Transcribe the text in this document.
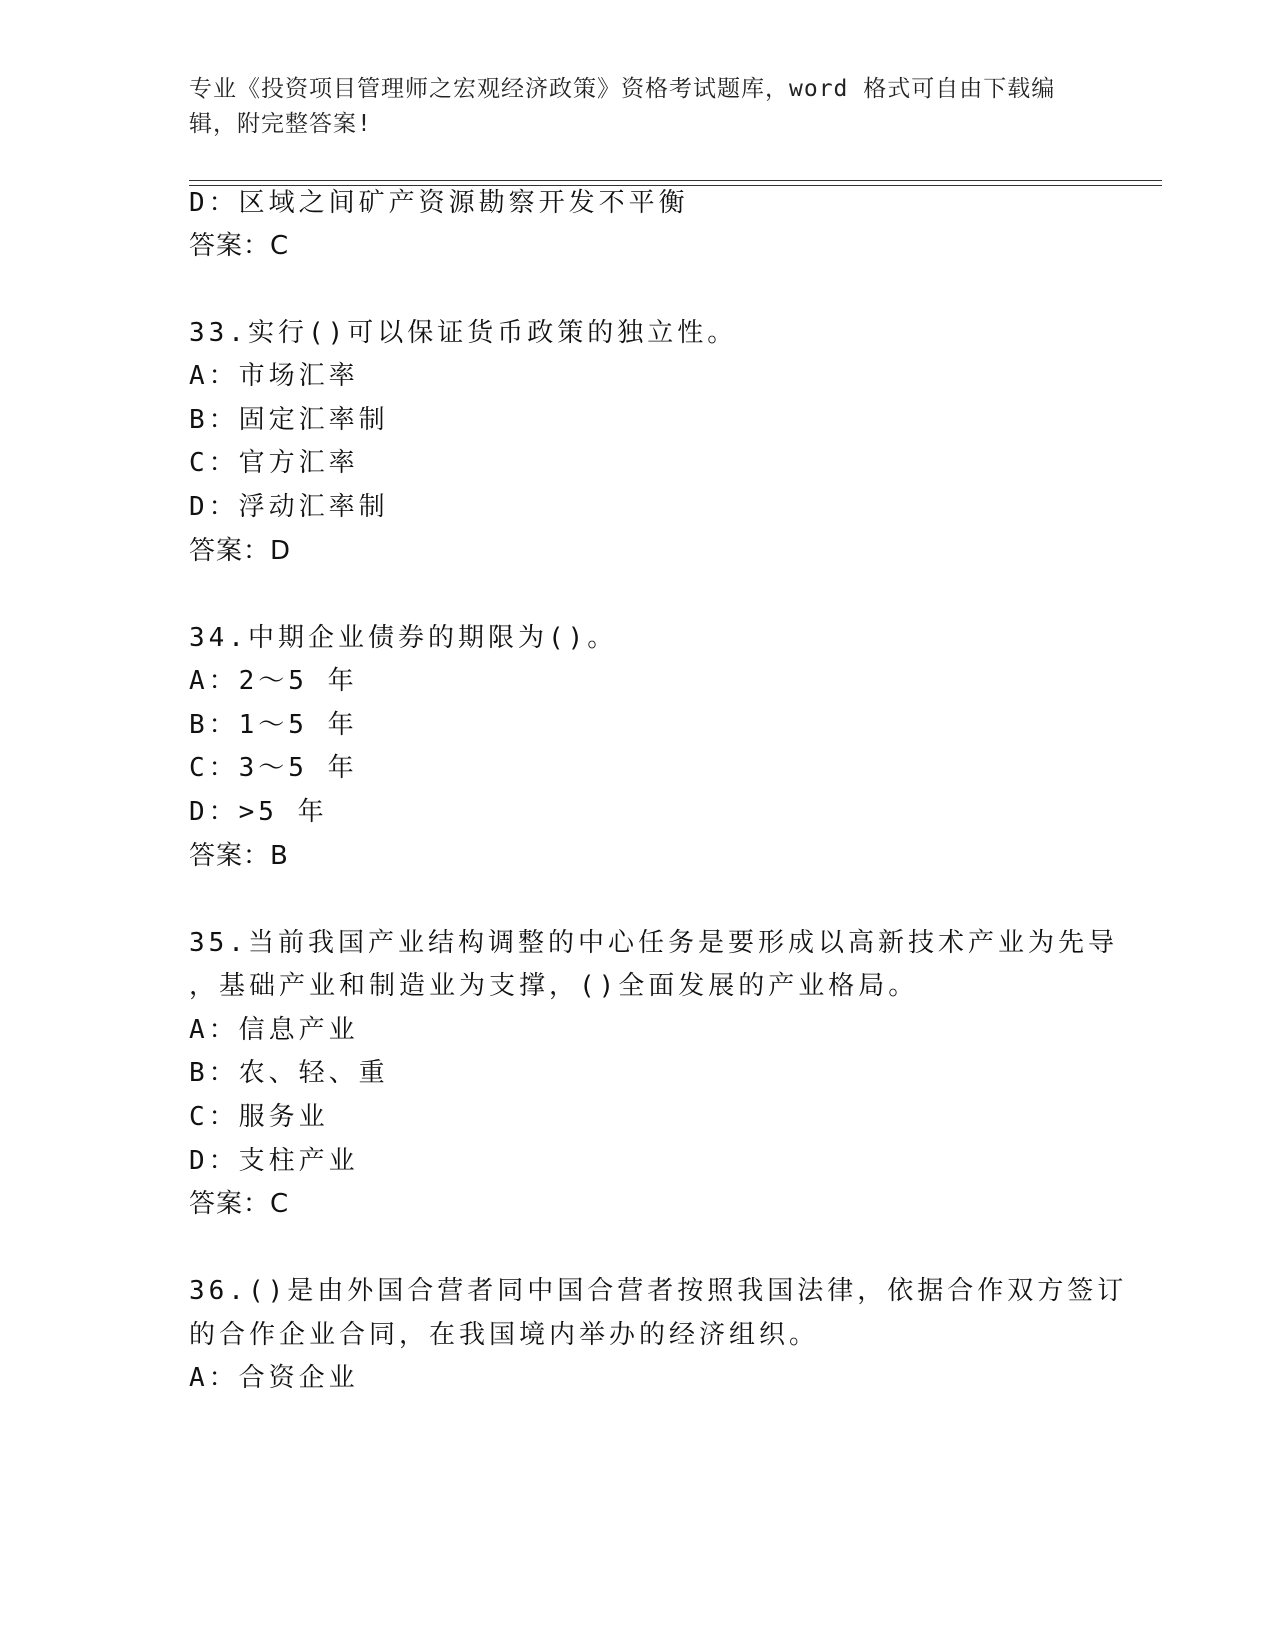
专业《投资项目管理师之宏观经济政策》资格考试题库，word 格式可自由下载编
辑，附完整答案!
D：区域之间矿产资源勘察开发不平衡
答案：C
33.实行()可以保证货币政策的独立性。
A：市场汇率
B：固定汇率制
C：官方汇率
D：浮动汇率制
答案：D
34.中期企业债券的期限为()。
A：2～5 年
B：1～5 年
C：3～5 年
D：>5 年
答案：B
35.当前我国产业结构调整的中心任务是要形成以高新技术产业为先导
，基础产业和制造业为支撑，()全面发展的产业格局。
A：信息产业
B：农、轻、重
C：服务业
D：支柱产业
答案：C
36.()是由外国合营者同中国合营者按照我国法律，依据合作双方签订
的合作企业合同，在我国境内举办的经济组织。
A：合资企业
